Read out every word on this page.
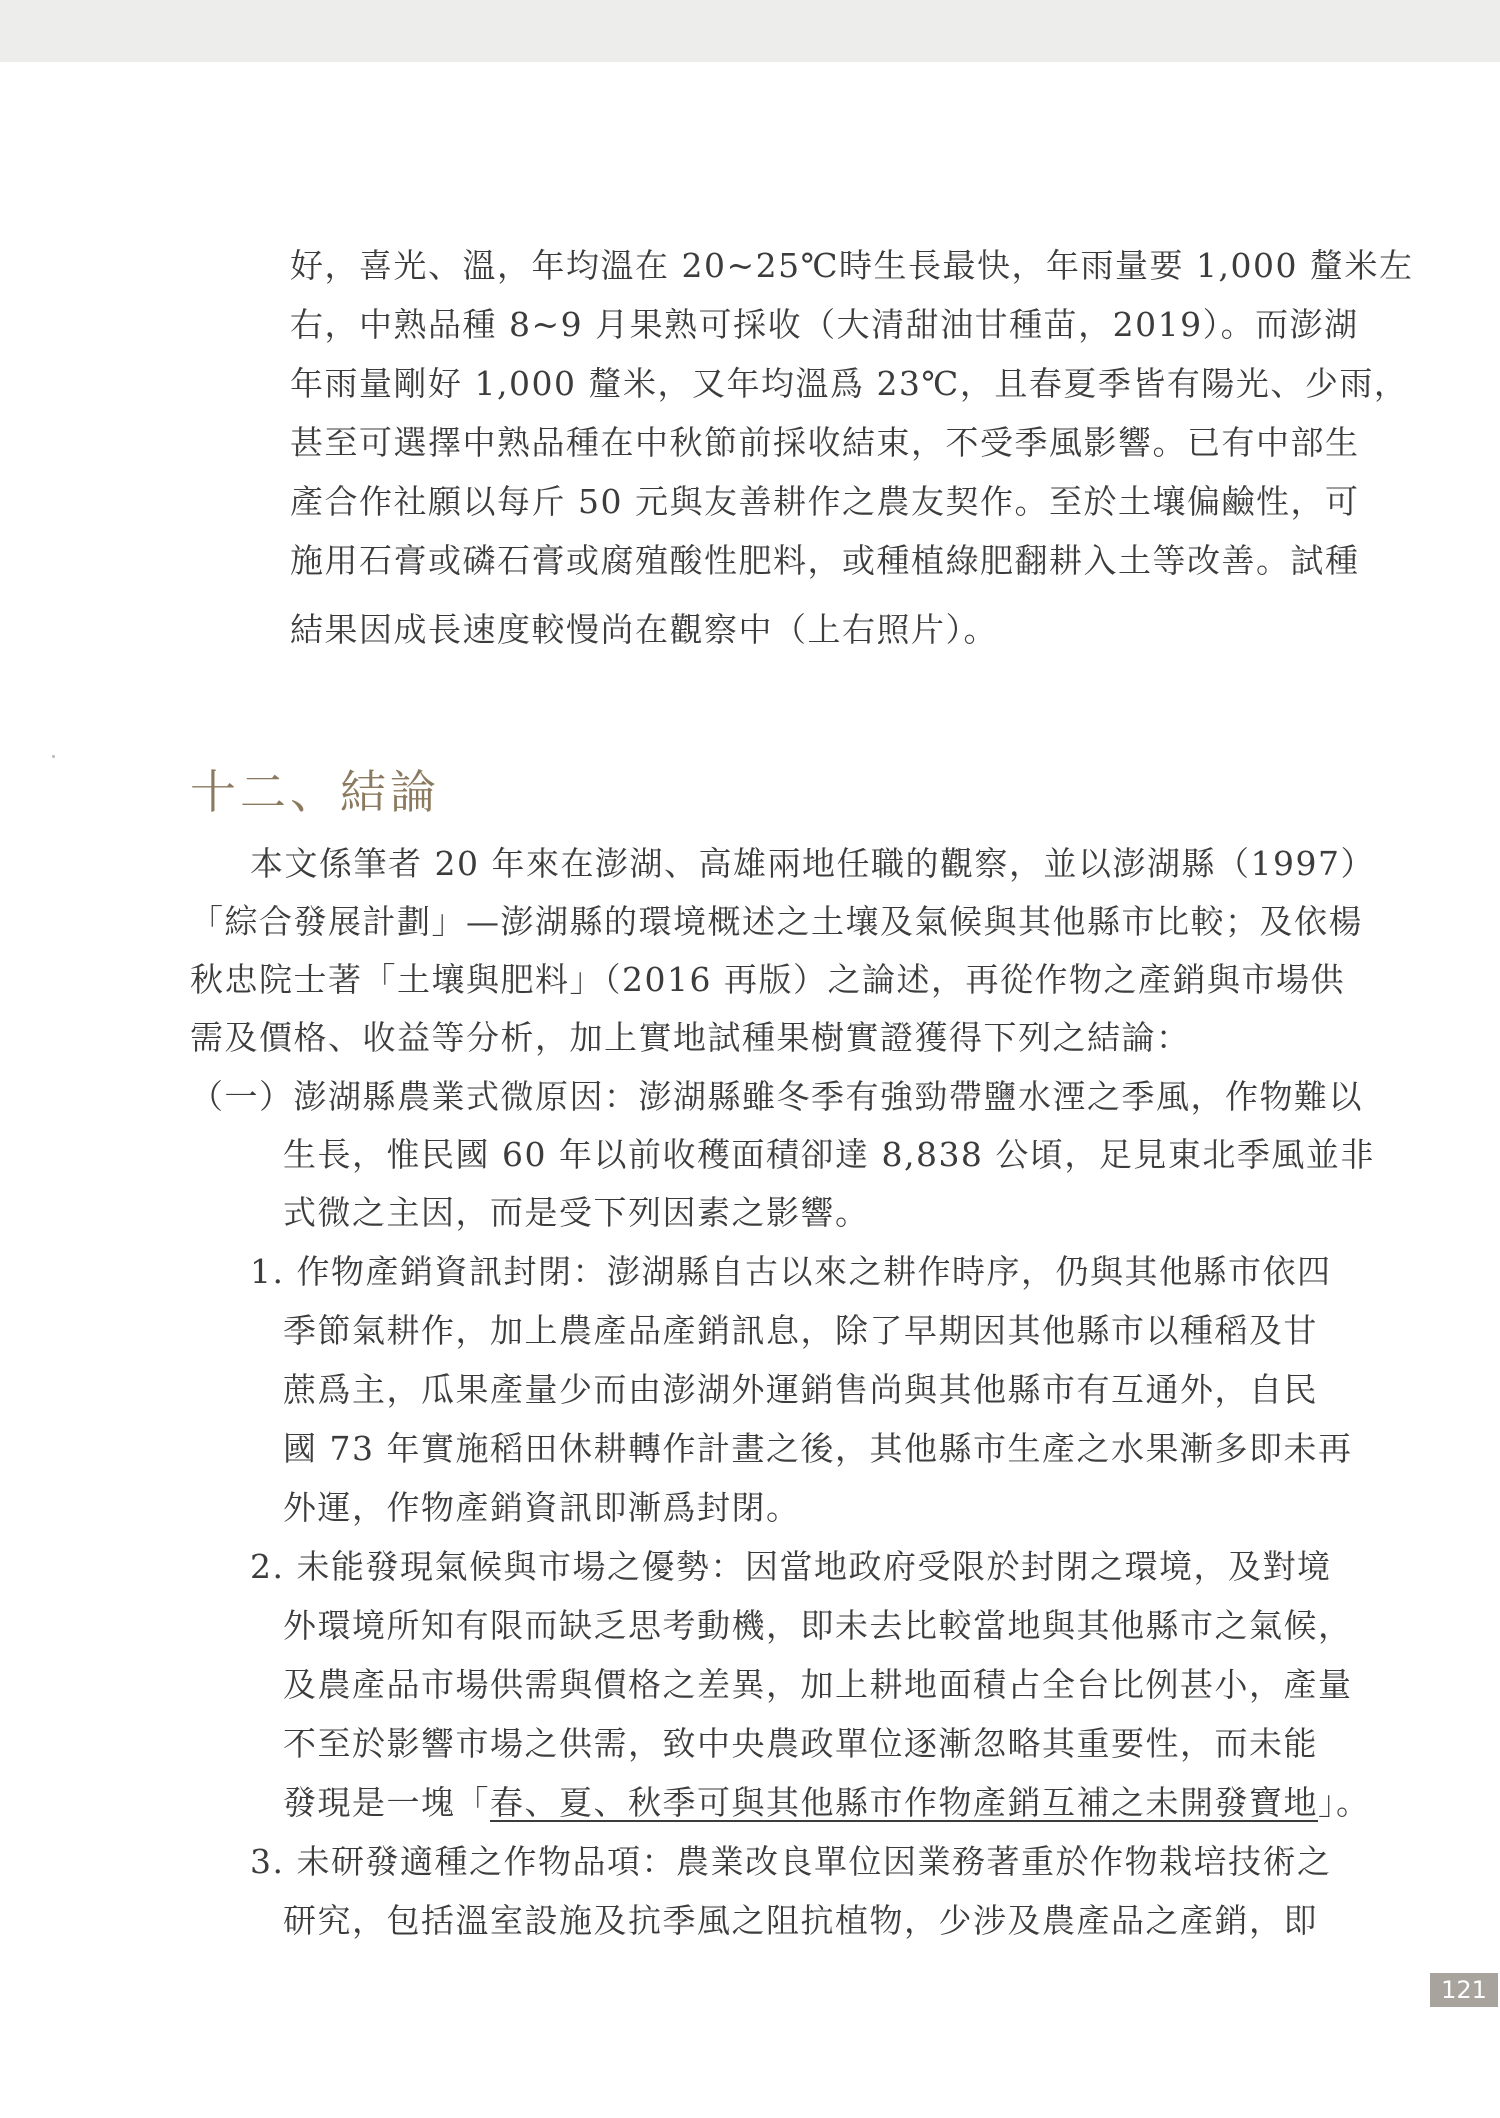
好，喜光、溫，年均溫在 20~25℃時生長最快，年雨量要 1,000 釐米左
右，中熟品種 8~9 月果熟可採收（大清甜油甘種苗，2019）。而澎湖
年雨量剛好 1,000 釐米，又年均溫爲 23℃，且春夏季皆有陽光、少雨，
甚至可選擇中熟品種在中秋節前採收結束，不受季風影響。已有中部生
產合作社願以每斤 50 元與友善耕作之農友契作。至於土壤偏鹼性，可
施用石膏或磷石膏或腐殖酸性肥料，或種植綠肥翻耕入土等改善。試種
結果因成長速度較慢尚在觀察中（上右照片）。
十二、結論
本文係筆者 20 年來在澎湖、高雄兩地任職的觀察，並以澎湖縣（1997）
「綜合發展計劃」—澎湖縣的環境概述之土壤及氣候與其他縣市比較；及依楊
秋忠院士著「土壤與肥料」（2016 再版）之論述，再從作物之產銷與市場供
需及價格、收益等分析，加上實地試種果樹實證獲得下列之結論：
（一）澎湖縣農業式微原因：澎湖縣雖冬季有強勁帶鹽水湮之季風，作物難以
生長，惟民國 60 年以前收穫面積卻達 8,838 公頃，足見東北季風並非
式微之主因，而是受下列因素之影響。
1. 作物產銷資訊封閉：澎湖縣自古以來之耕作時序，仍與其他縣市依四
季節氣耕作，加上農產品產銷訊息，除了早期因其他縣市以種稻及甘
蔗爲主，瓜果產量少而由澎湖外運銷售尚與其他縣市有互通外，自民
國 73 年實施稻田休耕轉作計畫之後，其他縣市生產之水果漸多即未再
外運，作物產銷資訊即漸爲封閉。
2. 未能發現氣候與市場之優勢：因當地政府受限於封閉之環境，及對境
外環境所知有限而缺乏思考動機，即未去比較當地與其他縣市之氣候，
及農產品市場供需與價格之差異，加上耕地面積占全台比例甚小，產量
不至於影響市場之供需，致中央農政單位逐漸忽略其重要性，而未能
發現是一塊「春、夏、秋季可與其他縣市作物產銷互補之未開發寶地」。
3. 未研發適種之作物品項：農業改良單位因業務著重於作物栽培技術之
研究，包括溫室設施及抗季風之阻抗植物，少涉及農產品之產銷，即
121
